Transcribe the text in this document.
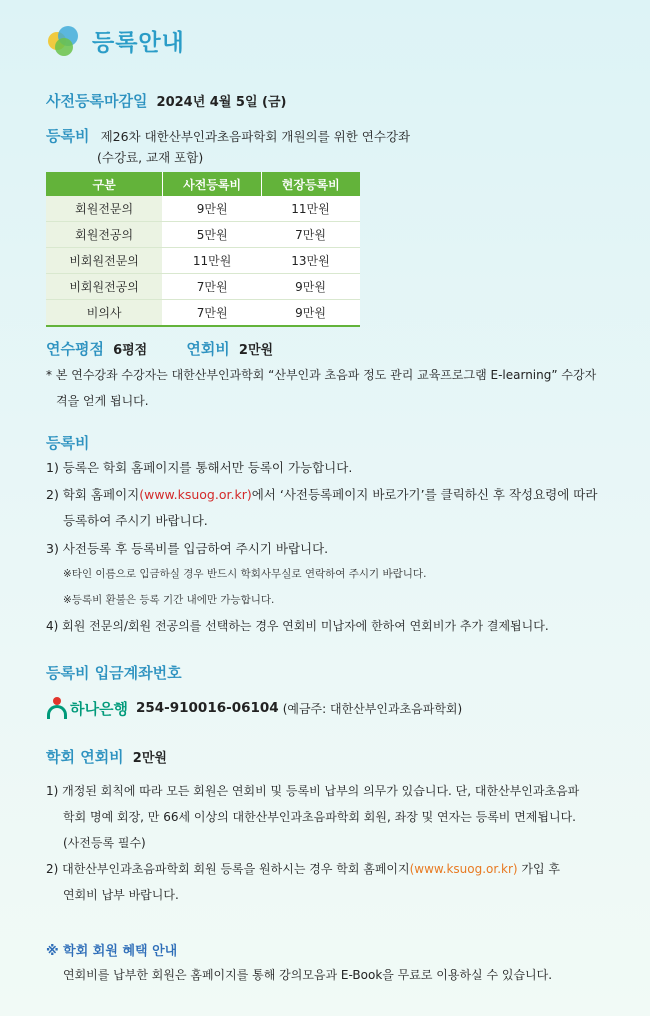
등록안내
사전등록마감일 2024년 4월 5일 (금)
등록비 제26차 대한산부인과초음파학회 개원의를 위한 연수강좌
(수강료, 교재 포함)
구분	사전등록비	현장등록비
회원전문의	9만원	11만원
회원전공의	5만원	7만원
비회원전문의	11만원	13만원
비회원전공의	7만원	9만원
비의사	7만원	9만원
연수평점 6평점	연회비 2만원
* 본 연수강좌 수강자는 대한산부인과학회 “산부인과 초음파 정도 관리 교육프로그램 E-learning” 수강자
격을 얻게 됩니다.
등록비
1) 등록은 학회 홈페이지를 통해서만 등록이 가능합니다.
2) 학회 홈페이지(www.ksuog.or.kr)에서 ‘사전등록페이지 바로가기’를 클릭하신 후 작성요령에 따라
등록하여 주시기 바랍니다.
3) 사전등록 후 등록비를 입금하여 주시기 바랍니다.
※타인 이름으로 입금하실 경우 반드시 학회사무실로 연락하여 주시기 바랍니다.
※등록비 환불은 등록 기간 내에만 가능합니다.
4) 회원 전문의/회원 전공의를 선택하는 경우 연회비 미납자에 한하여 연회비가 추가 결제됩니다.
등록비 입금계좌번호
하나은행 254-910016-06104 (예금주: 대한산부인과초음파학회)
학회 연회비 2만원
1) 개정된 회칙에 따라 모든 회원은 연회비 및 등록비 납부의 의무가 있습니다. 단, 대한산부인과초음파
학회 명예 회장, 만 66세 이상의 대한산부인과초음파학회 회원, 좌장 및 연자는 등록비 면제됩니다.
(사전등록 필수)
2) 대한산부인과초음파학회 회원 등록을 원하시는 경우 학회 홈페이지(www.ksuog.or.kr) 가입 후
연회비 납부 바랍니다.
※ 학회 회원 혜택 안내
연회비를 납부한 회원은 홈페이지를 통해 강의모음과 E-Book을 무료로 이용하실 수 있습니다.
